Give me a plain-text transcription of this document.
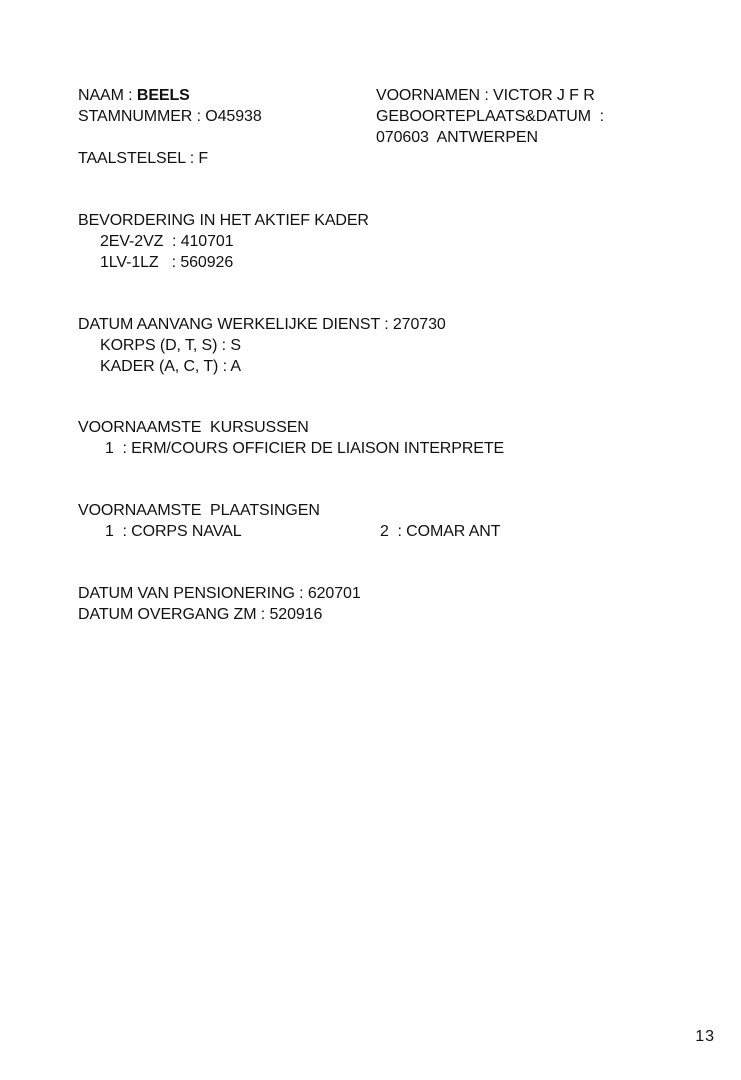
NAAM : BEELS
STAMNUMMER : O45938
TAALSTELSEL : F
VOORNAMEN : VICTOR J F R
GEBOORTEPLAATS&DATUM  :
070603  ANTWERPEN
BEVORDERING IN HET AKTIEF KADER
2EV-2VZ  : 410701
1LV-1LZ   : 560926
DATUM AANVANG WERKELIJKE DIENST : 270730
KORPS (D, T, S) : S
KADER (A, C, T) : A
VOORNAAMSTE  KURSUSSEN
1  : ERM/COURS OFFICIER DE LIAISON INTERPRETE
VOORNAAMSTE  PLAATSINGEN
1  : CORPS NAVAL	2  : COMAR ANT
DATUM VAN PENSIONERING : 620701
DATUM OVERGANG ZM : 520916
13
